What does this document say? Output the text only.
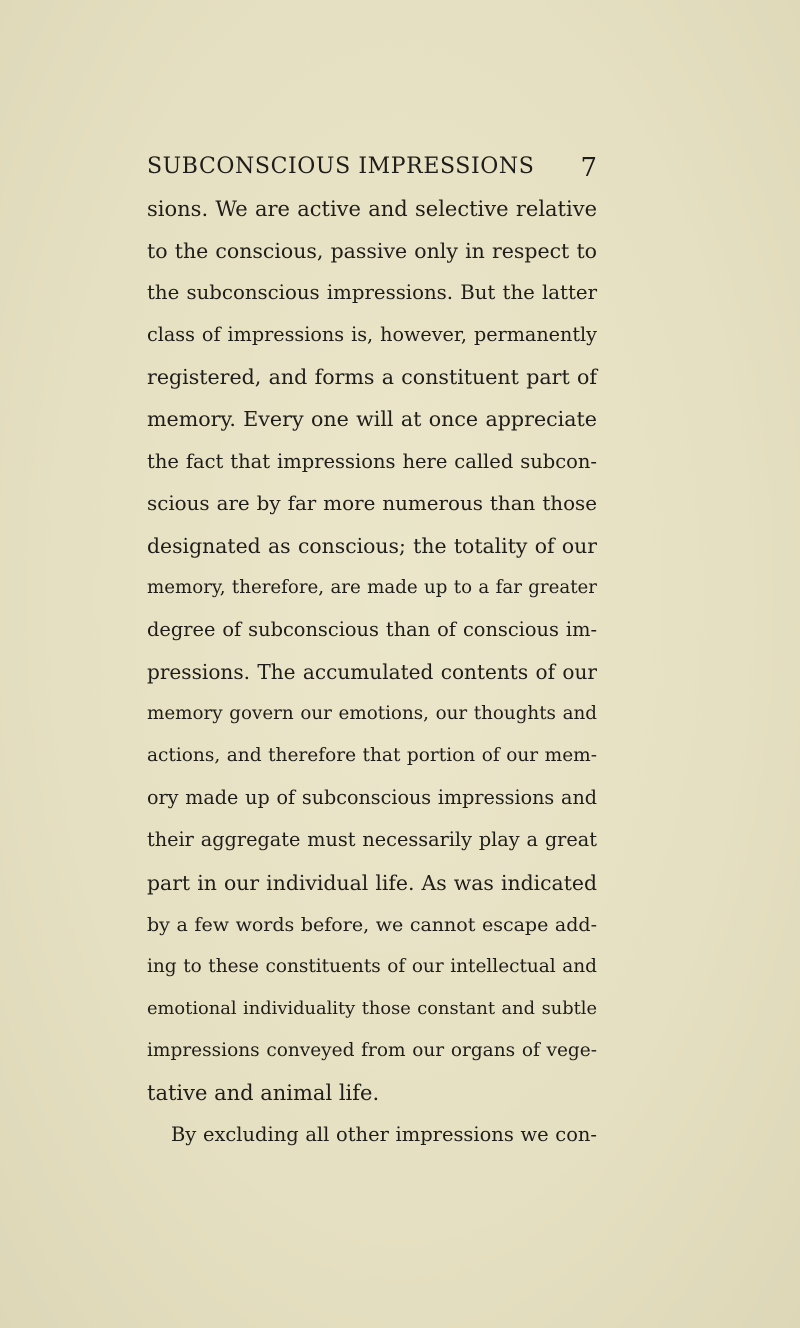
SUBCONSCIOUS IMPRESSIONS 7
sions. We are active and selective relative
to the conscious, passive only in respect to
the subconscious impressions. But the latter
class of impressions is, however, permanently
registered, and forms a constituent part of
memory. Every one will at once appreciate
the fact that impressions here called subcon-
scious are by far more numerous than those
designated as conscious; the totality of our
memory, therefore, are made up to a far greater
degree of subconscious than of conscious im-
pressions. The accumulated contents of our
memory govern our emotions, our thoughts and
actions, and therefore that portion of our mem-
ory made up of subconscious impressions and
their aggregate must necessarily play a great
part in our individual life. As was indicated
by a few words before, we cannot escape add-
ing to these constituents of our intellectual and
emotional individuality those constant and subtle
impressions conveyed from our organs of vege-
tative and animal life.
By excluding all other impressions we con-
